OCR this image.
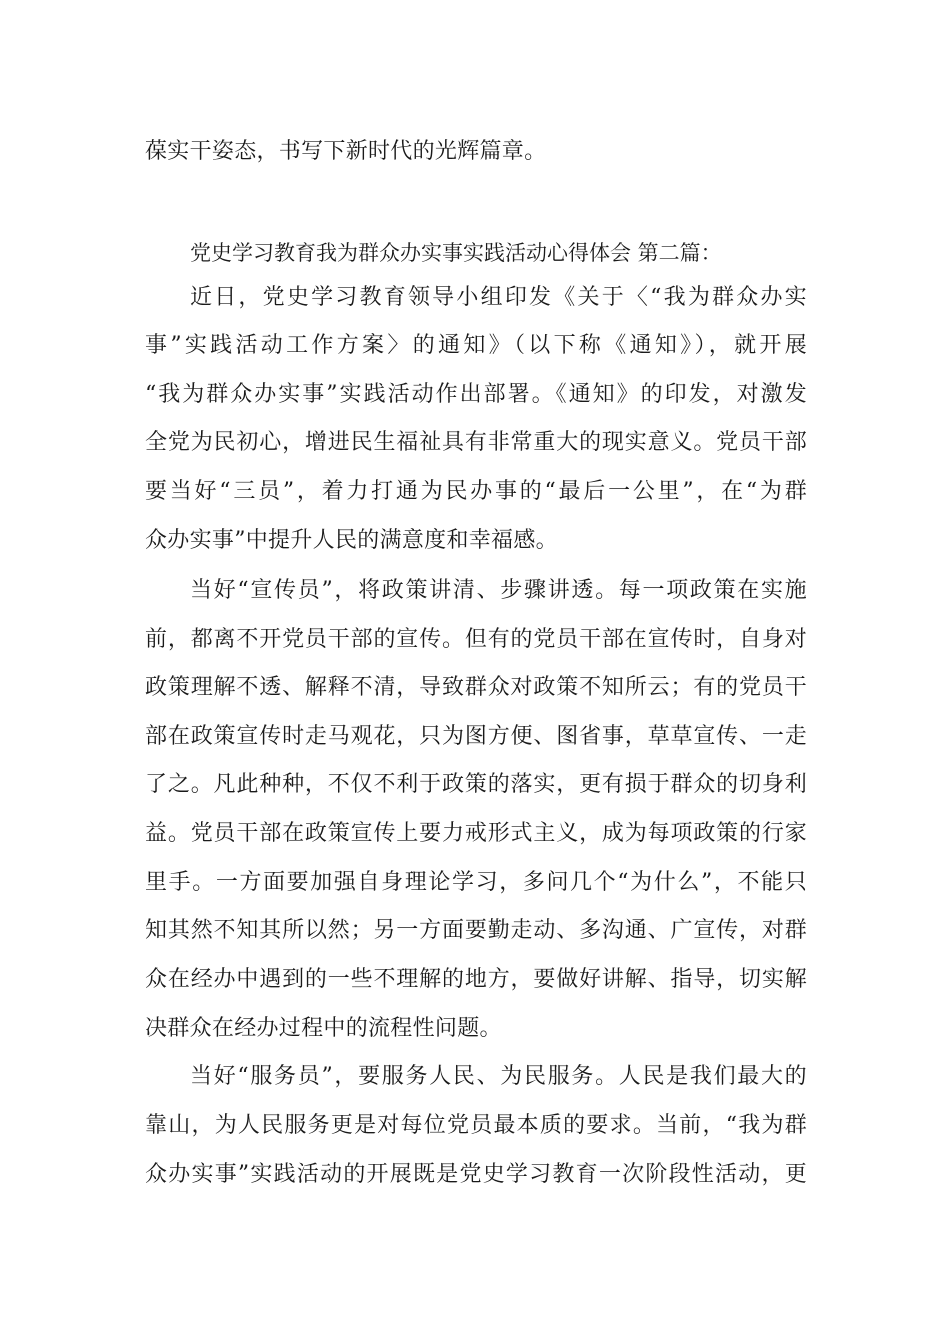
葆实干姿态，书写下新时代的光辉篇章。
党史学习教育我为群众办实事实践活动心得体会 第二篇：
近日，党史学习教育领导小组印发《关于〈“我为群众办实
事”实践活动工作方案〉的通知》（以下称《通知》），就开展
“我为群众办实事”实践活动作出部署。《通知》的印发，对激发
全党为民初心，增进民生福祉具有非常重大的现实意义。党员干部
要当好“三员”，着力打通为民办事的“最后一公里”，在“为群
众办实事”中提升人民的满意度和幸福感。
当好“宣传员”，将政策讲清、步骤讲透。每一项政策在实施
前，都离不开党员干部的宣传。但有的党员干部在宣传时，自身对
政策理解不透、解释不清，导致群众对政策不知所云；有的党员干
部在政策宣传时走马观花，只为图方便、图省事，草草宣传、一走
了之。凡此种种，不仅不利于政策的落实，更有损于群众的切身利
益。党员干部在政策宣传上要力戒形式主义，成为每项政策的行家
里手。一方面要加强自身理论学习，多问几个“为什么”，不能只
知其然不知其所以然；另一方面要勤走动、多沟通、广宣传，对群
众在经办中遇到的一些不理解的地方，要做好讲解、指导，切实解
决群众在经办过程中的流程性问题。
当好“服务员”，要服务人民、为民服务。人民是我们最大的
靠山，为人民服务更是对每位党员最本质的要求。当前，“我为群
众办实事”实践活动的开展既是党史学习教育一次阶段性活动，更
